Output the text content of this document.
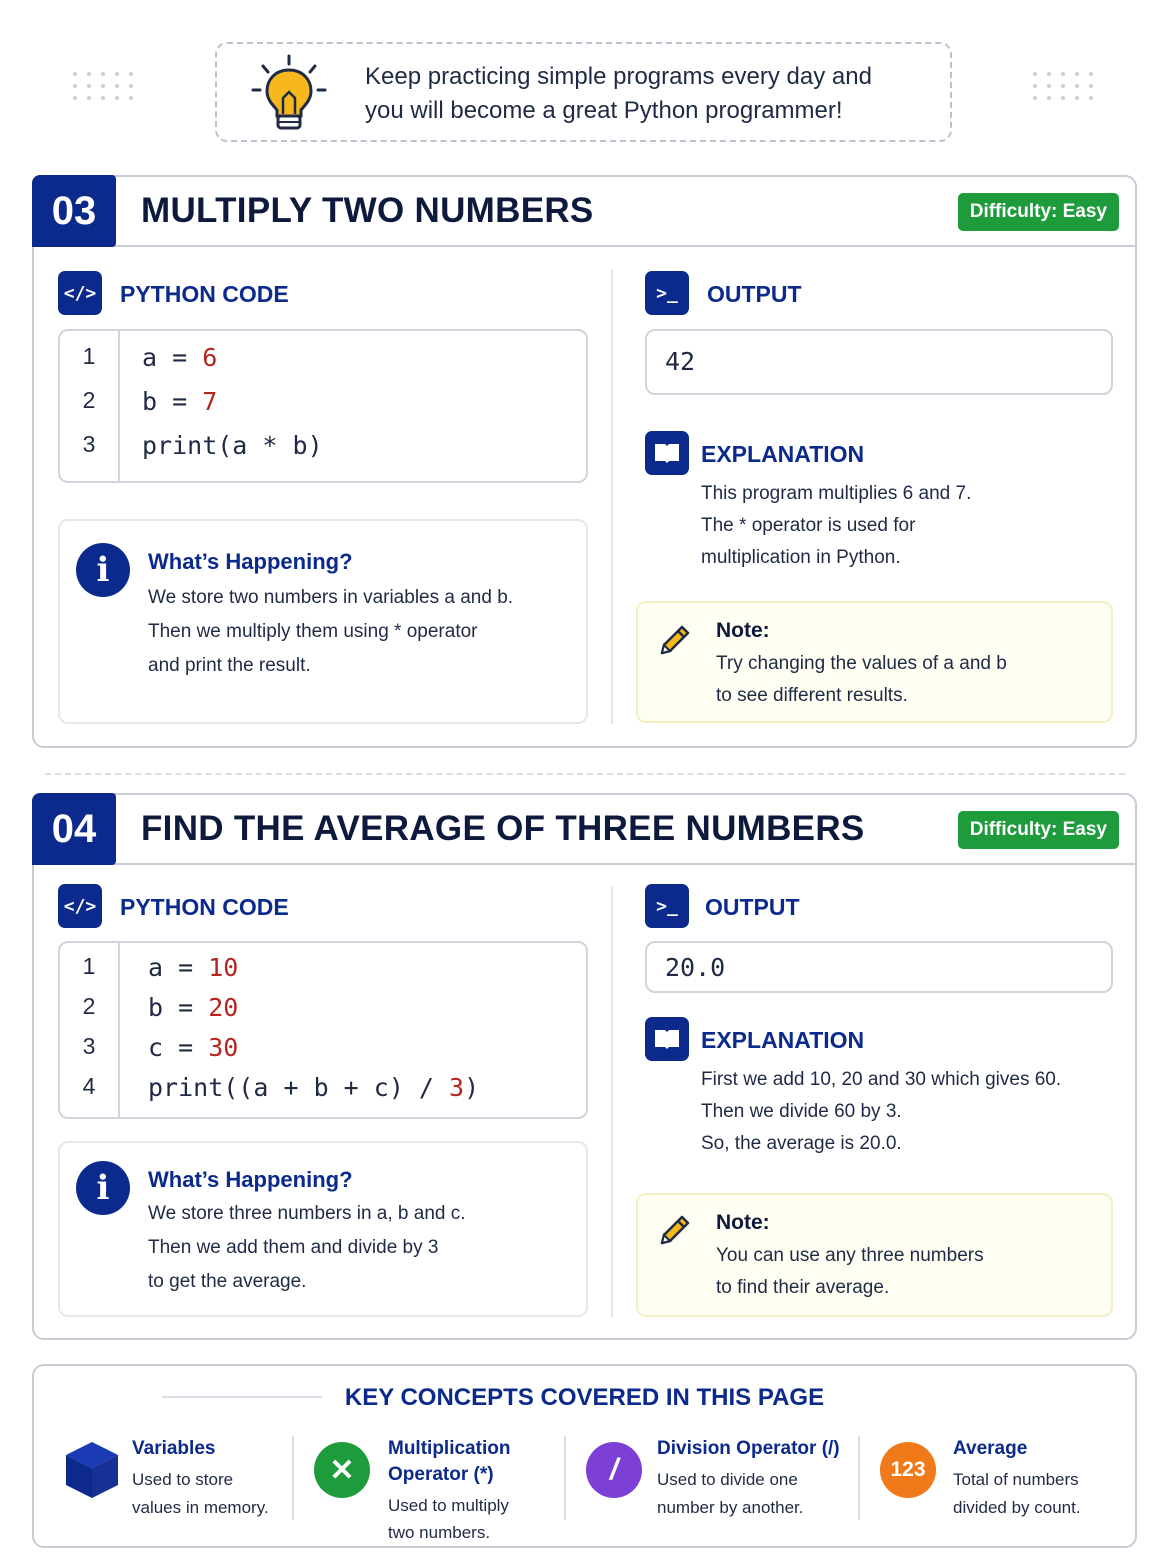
Keep practicing simple programs every day and
you will become a great Python programmer!
03	MULTIPLY TWO NUMBERS	Difficulty: Easy
</> PYTHON CODE
1	a = 6
2	b = 7
3	print(a * b)
i	What’s Happening?
We store two numbers in variables a and b.
Then we multiply them using * operator
and print the result.
>_	OUTPUT
42
EXPLANATION
This program multiplies 6 and 7.
The * operator is used for
multiplication in Python.
Note:
Try changing the values of a and b
to see different results.
04	FIND THE AVERAGE OF THREE NUMBERS	Difficulty: Easy
</> PYTHON CODE
1	a = 10
2	b = 20
3	c = 30
4	print((a + b + c) / 3)
i	What’s Happening?
We store three numbers in a, b and c.
Then we add them and divide by 3
to get the average.
>_	OUTPUT
20.0
EXPLANATION
First we add 10, 20 and 30 which gives 60.
Then we divide 60 by 3.
So, the average is 20.0.
Note:
You can use any three numbers
to find their average.
KEY CONCEPTS COVERED IN THIS PAGE
Variables
Used to store
values in memory.
✕
Multiplication
Operator (*)
Used to multiply
two numbers.
/
Division Operator (/)
Used to divide one
number by another.
123
Average
Total of numbers
divided by count.
